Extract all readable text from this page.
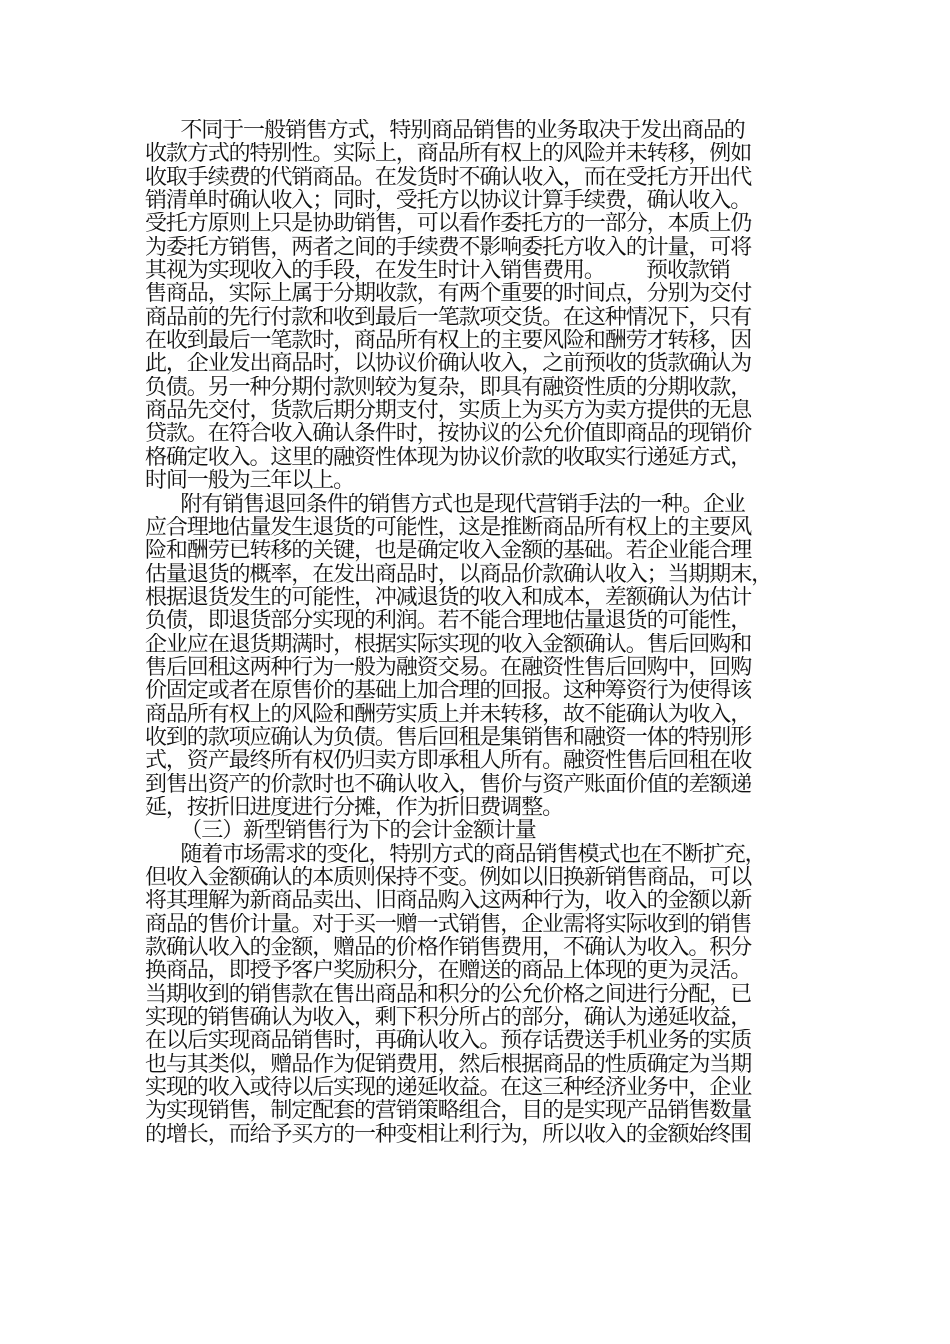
不同于一般销售方式，特别商品销售的业务取决于发出商品的
收款方式的特别性。实际上，商品所有权上的风险并未转移，例如
收取手续费的代销商品。在发货时不确认收入，而在受托方开出代
销清单时确认收入；同时，受托方以协议计算手续费，确认收入。
受托方原则上只是协助销售，可以看作委托方的一部分，本质上仍
为委托方销售，两者之间的手续费不影响委托方收入的计量，可将
其视为实现收入的手段，在发生时计入销售费用。       预收款销
售商品，实际上属于分期收款，有两个重要的时间点，分别为交付
商品前的先行付款和收到最后一笔款项交货。在这种情况下，只有
在收到最后一笔款时，商品所有权上的主要风险和酬劳才转移，因
此，企业发出商品时，以协议价确认收入，之前预收的货款确认为
负债。另一种分期付款则较为复杂，即具有融资性质的分期收款，
商品先交付，货款后期分期支付，实质上为买方为卖方提供的无息
贷款。在符合收入确认条件时，按协议的公允价值即商品的现销价
格确定收入。这里的融资性体现为协议价款的收取实行递延方式，
时间一般为三年以上。
附有销售退回条件的销售方式也是现代营销手法的一种。企业
应合理地估量发生退货的可能性，这是推断商品所有权上的主要风
险和酬劳已转移的关键，也是确定收入金额的基础。若企业能合理
估量退货的概率，在发出商品时，以商品价款确认收入；当期期末，
根据退货发生的可能性，冲减退货的收入和成本，差额确认为估计
负债，即退货部分实现的利润。若不能合理地估量退货的可能性，
企业应在退货期满时，根据实际实现的收入金额确认。售后回购和
售后回租这两种行为一般为融资交易。在融资性售后回购中，回购
价固定或者在原售价的基础上加合理的回报。这种筹资行为使得该
商品所有权上的风险和酬劳实质上并未转移，故不能确认为收入，
收到的款项应确认为负债。售后回租是集销售和融资一体的特别形
式，资产最终所有权仍归卖方即承租人所有。融资性售后回租在收
到售出资产的价款时也不确认收入，售价与资产账面价值的差额递
延，按折旧进度进行分摊，作为折旧费调整。
（三）新型销售行为下的会计金额计量
随着市场需求的变化，特别方式的商品销售模式也在不断扩充，
但收入金额确认的本质则保持不变。例如以旧换新销售商品，可以
将其理解为新商品卖出、旧商品购入这两种行为，收入的金额以新
商品的售价计量。对于买一赠一式销售，企业需将实际收到的销售
款确认收入的金额，赠品的价格作销售费用，不确认为收入。积分
换商品，即授予客户奖励积分，在赠送的商品上体现的更为灵活。
当期收到的销售款在售出商品和积分的公允价格之间进行分配，已
实现的销售确认为收入，剩下积分所占的部分，确认为递延收益，
在以后实现商品销售时，再确认收入。预存话费送手机业务的实质
也与其类似，赠品作为促销费用，然后根据商品的性质确定为当期
实现的收入或待以后实现的递延收益。在这三种经济业务中，企业
为实现销售，制定配套的营销策略组合，目的是实现产品销售数量
的增长，而给予买方的一种变相让利行为，所以收入的金额始终围
